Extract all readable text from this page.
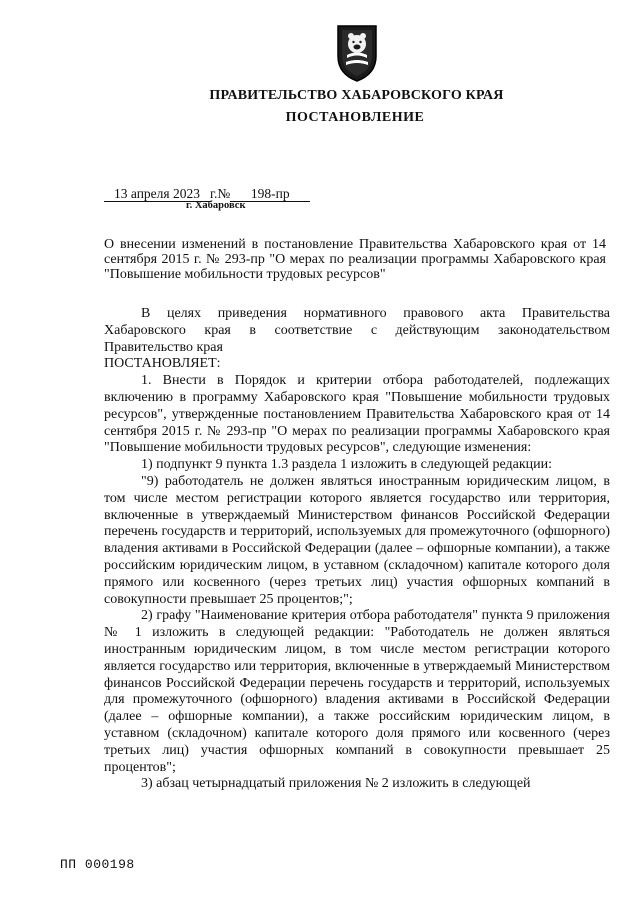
ПРАВИТЕЛЬСТВО ХАБАРОВСКОГО КРАЯ
ПОСТАНОВЛЕНИЕ
13 апреля 2023 г.№ 198-пр
г. Хабаровск
О внесении изменений в постановление Правительства Хабаровского края от 14 сентября 2015 г. № 293-пр "О мерах по реализации программы Хабаровского края "Повышение мобильности трудовых ресурсов"

В целях приведения нормативного правового акта Правительства Хабаровского края в соответствие с действующим законодательством Правительство края

ПОСТАНОВЛЯЕТ:

1. Внести в Порядок и критерии отбора работодателей, подлежащих включению в программу Хабаровского края "Повышение мобильности трудовых ресурсов", утвержденные постановлением Правительства Хабаровского края от 14 сентября 2015 г. № 293-пр "О мерах по реализации программы Хабаровского края "Повышение мобильности трудовых ресурсов", следующие изменения:

1) подпункт 9 пункта 1.3 раздела 1 изложить в следующей редакции:

"9) работодатель не должен являться иностранным юридическим лицом, в том числе местом регистрации которого является государство или территория, включенные в утверждаемый Министерством финансов Российской Федерации перечень государств и территорий, используемых для промежуточного (офшорного) владения активами в Российской Федерации (далее – офшорные компании), а также российским юридическим лицом, в уставном (складочном) капитале которого доля прямого или косвенного (через третьих лиц) участия офшорных компаний в совокупности превышает 25 процентов;";

2) графу "Наименование критерия отбора работодателя" пункта 9 приложения № 1 изложить в следующей редакции: "Работодатель не должен являться иностранным юридическим лицом, в том числе местом регистрации которого является государство или территория, включенные в утверждаемый Министерством финансов Российской Федерации перечень государств и территорий, используемых для промежуточного (офшорного) владения активами в Российской Федерации (далее – офшорные компании), а также российским юридическим лицом, в уставном (складочном) капитале которого доля прямого или косвенного (через третьих лиц) участия офшорных компаний в совокупности превышает 25 процентов";

3) абзац четырнадцатый приложения № 2 изложить в следующей

ПП 000198
